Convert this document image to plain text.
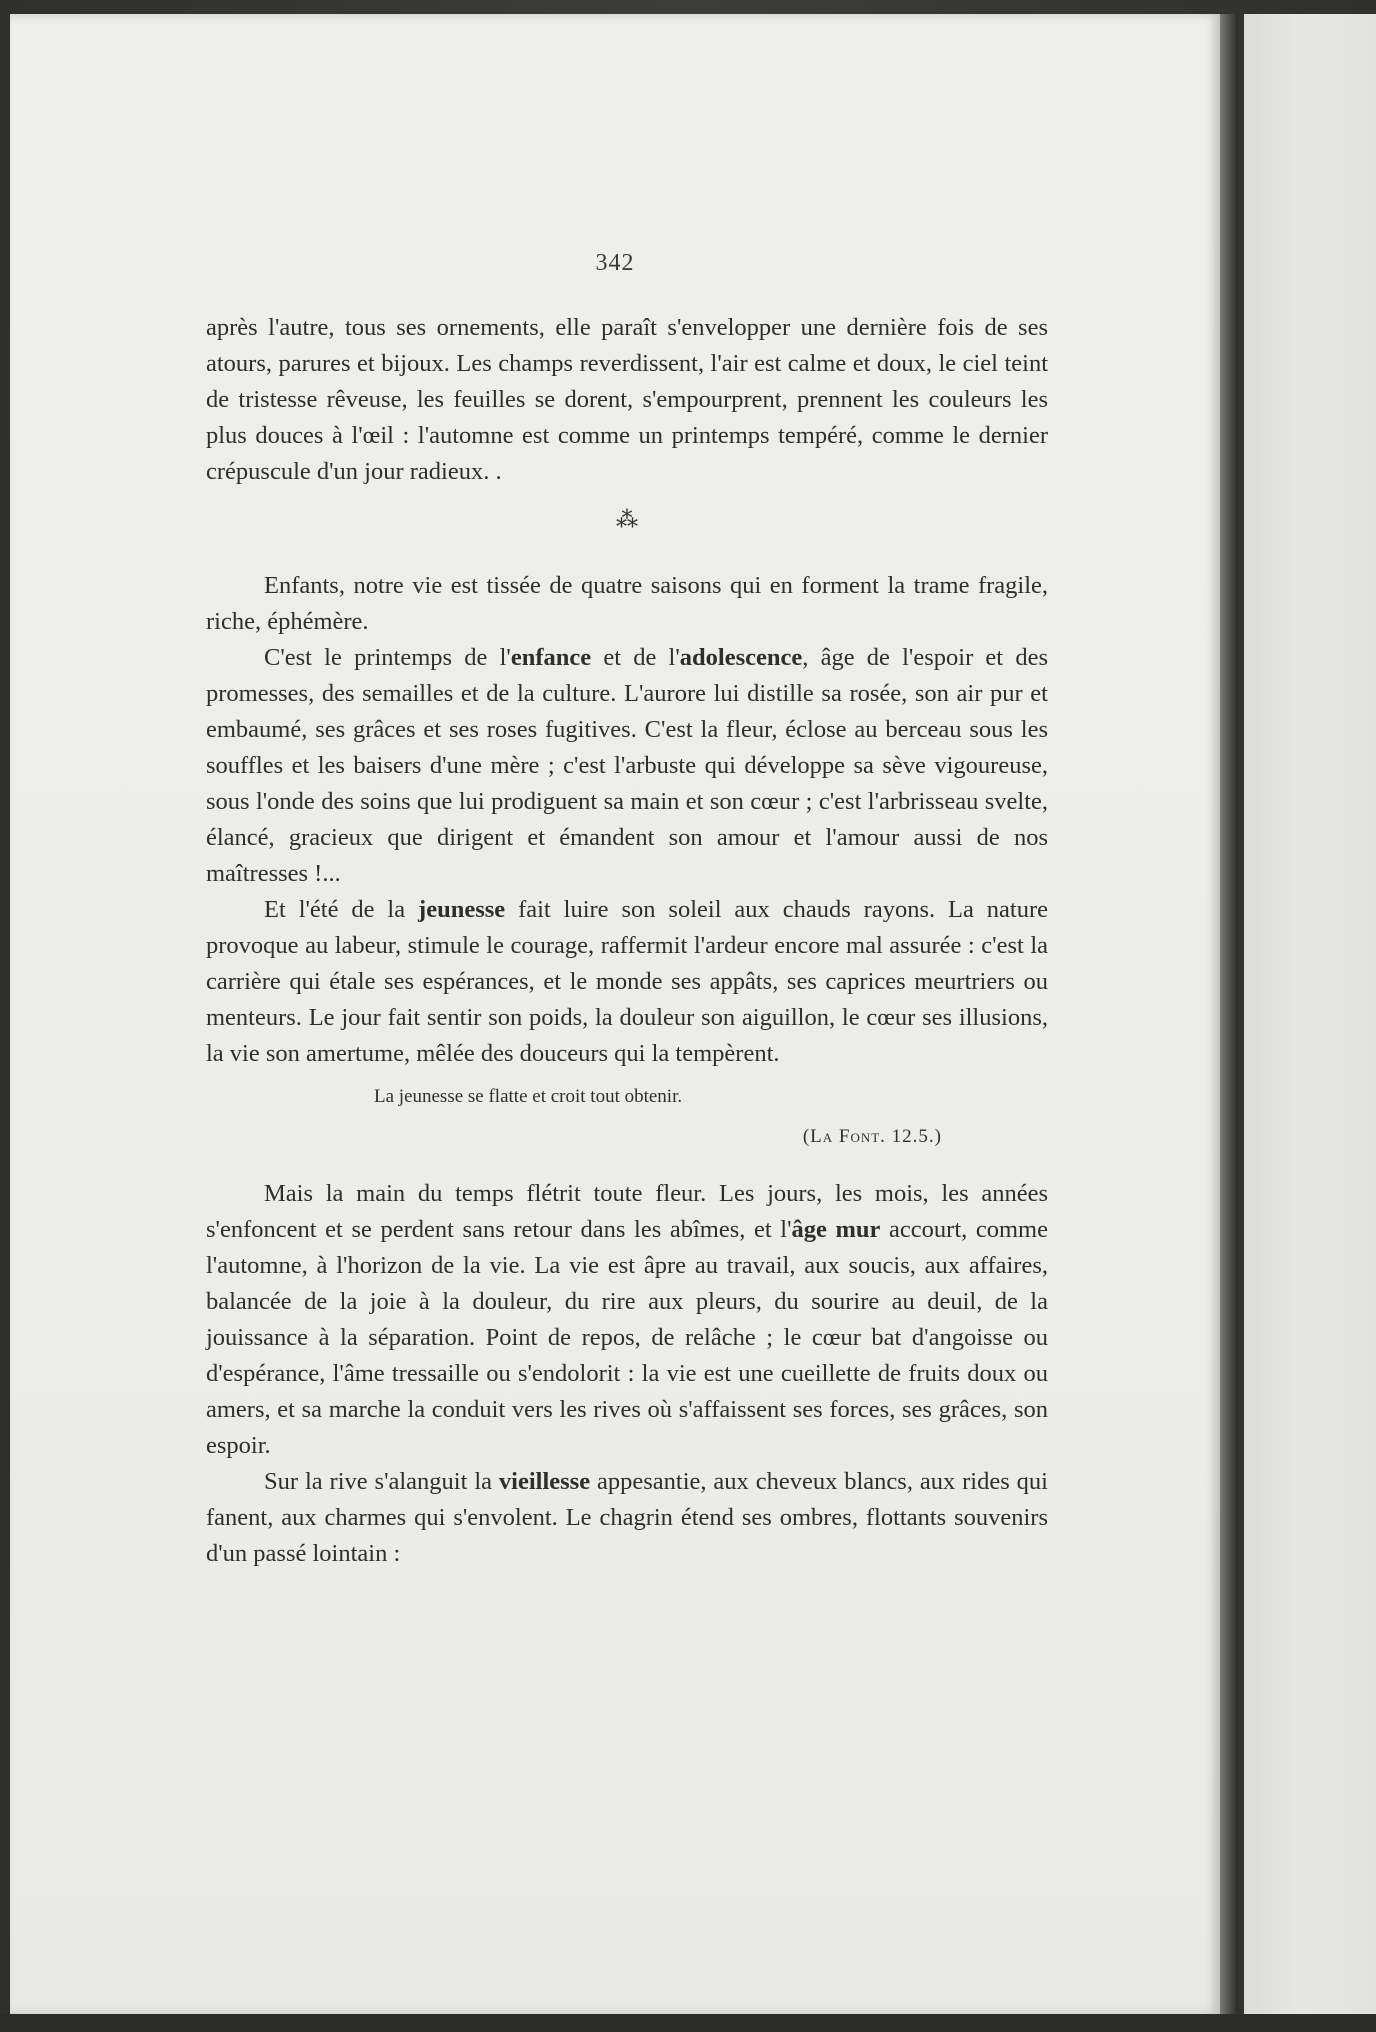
342

après l'autre, tous ses ornements, elle paraît s'envelopper une dernière fois de ses atours, parures et bijoux. Les champs reverdissent, l'air est calme et doux, le ciel teint de tristesse rêveuse, les feuilles se dorent, s'empourprent, prennent les couleurs les plus douces à l'œil : l'automne est comme un printemps tempéré, comme le dernier crépuscule d'un jour radieux. .

⁂

Enfants, notre vie est tissée de quatre saisons qui en forment la trame fragile, riche, éphémère.

C'est le printemps de l'enfance et de l'adolescence, âge de l'espoir et des promesses, des semailles et de la culture. L'aurore lui distille sa rosée, son air pur et embaumé, ses grâces et ses roses fugitives. C'est la fleur, éclose au berceau sous les souffles et les baisers d'une mère ; c'est l'arbuste qui développe sa sève vigoureuse, sous l'onde des soins que lui prodiguent sa main et son cœur ; c'est l'arbrisseau svelte, élancé, gracieux que dirigent et émandent son amour et l'amour aussi de nos maîtresses !...

Et l'été de la jeunesse fait luire son soleil aux chauds rayons. La nature provoque au labeur, stimule le courage, raffermit l'ardeur encore mal assurée : c'est la carrière qui étale ses espérances, et le monde ses appâts, ses caprices meurtriers ou menteurs. Le jour fait sentir son poids, la douleur son aiguillon, le cœur ses illusions, la vie son amertume, mêlée des douceurs qui la tempèrent.

La jeunesse se flatte et croit tout obtenir.

(La Font. 12.5.)

Mais la main du temps flétrit toute fleur. Les jours, les mois, les années s'enfoncent et se perdent sans retour dans les abîmes, et l'âge mur accourt, comme l'automne, à l'horizon de la vie. La vie est âpre au travail, aux soucis, aux affaires, balancée de la joie à la douleur, du rire aux pleurs, du sourire au deuil, de la jouissance à la séparation. Point de repos, de relâche ; le cœur bat d'angoisse ou d'espérance, l'âme tressaille ou s'endolorit : la vie est une cueillette de fruits doux ou amers, et sa marche la conduit vers les rives où s'affaissent ses forces, ses grâces, son espoir.

Sur la rive s'alanguit la vieillesse appesantie, aux cheveux blancs, aux rides qui fanent, aux charmes qui s'envolent. Le chagrin étend ses ombres, flottants souvenirs d'un passé lointain :
